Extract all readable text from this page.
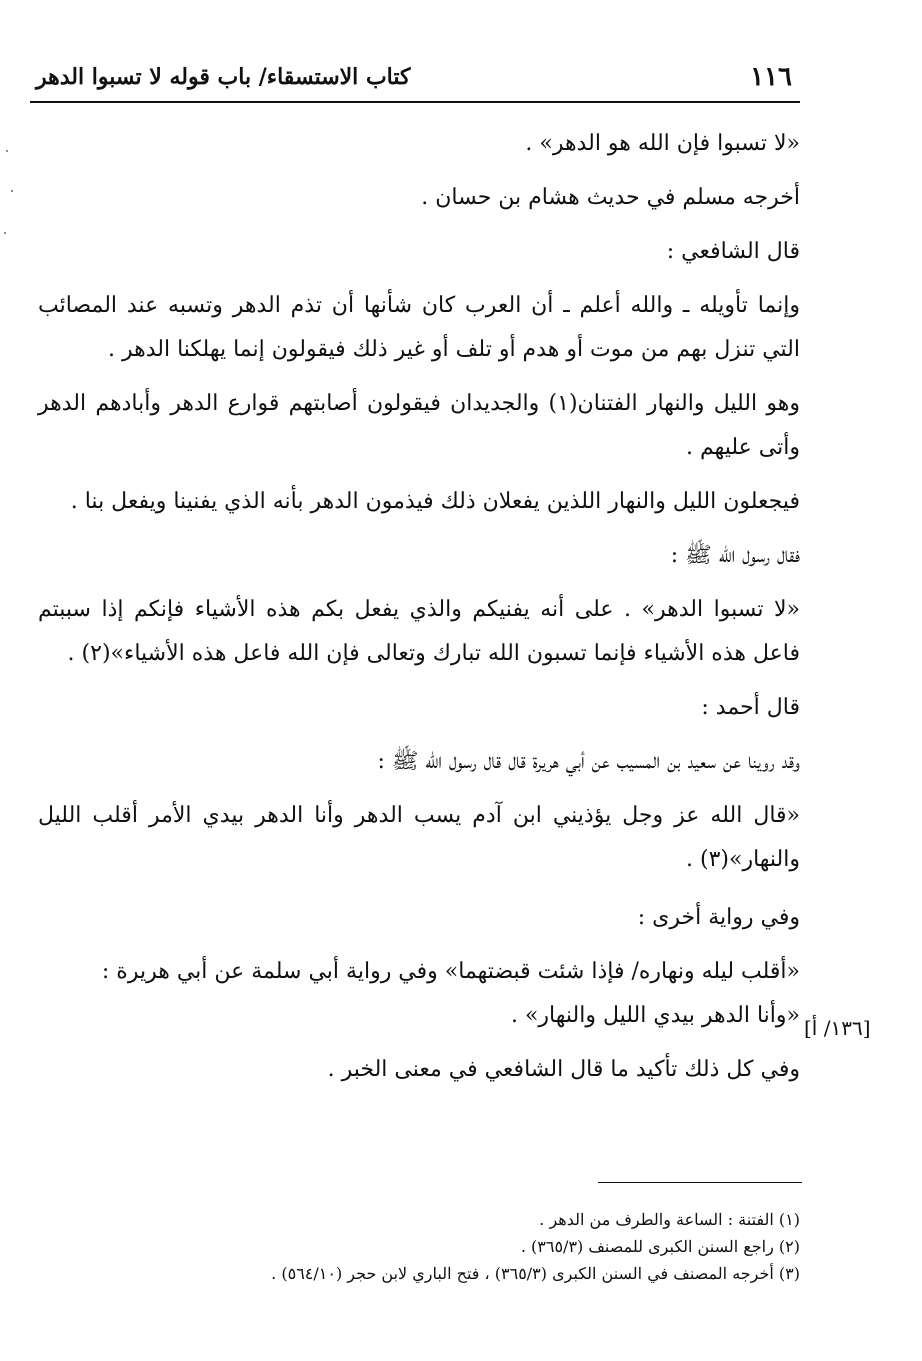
١١٦
كتاب الاستسقاء/ باب قوله لا تسبوا الدهر

«لا تسبوا فإن الله هو الدهر» .

أخرجه مسلم في حديث هشام بن حسان .

قال الشافعي :

وإنما تأويله ـ والله أعلم ـ أن العرب كان شأنها أن تذم الدهر وتسبه عند المصائب التي تنزل بهم من موت أو هدم أو تلف أو غير ذلك فيقولون إنما يهلكنا الدهر .

وهو الليل والنهار الفتنان(١) والجديدان فيقولون أصابتهم قوارع الدهر وأبادهم الدهر وأتى عليهم .

فيجعلون الليل والنهار اللذين يفعلان ذلك فيذمون الدهر بأنه الذي يفنينا ويفعل بنا .

فقال رسول الله ﷺ :

«لا تسبوا الدهر» . على أنه يفنيكم والذي يفعل بكم هذه الأشياء فإنكم إذا سببتم فاعل هذه الأشياء فإنما تسبون الله تبارك وتعالى فإن الله فاعل هذه الأشياء»(٢) .

قال أحمد :

وقد روينا عن سعيد بن المسيب عن أبي هريرة قال قال رسول الله ﷺ :

«قال الله عز وجل يؤذيني ابن آدم يسب الدهر وأنا الدهر بيدي الأمر أقلب الليل والنهار»(٣) .

وفي رواية أخرى :

«أقلب ليله ونهاره/ فإذا شئت قبضتهما» وفي رواية أبي سلمة عن أبي هريرة :

«وأنا الدهر بيدي الليل والنهار» .

وفي كل ذلك تأكيد ما قال الشافعي في معنى الخبر .

[١٣٦/ أ]

(١) الفتنة : الساعة والطرف من الدهر .

(٢) راجع السنن الكبرى للمصنف (٣٦٥/٣) .

(٣) أخرجه المصنف في السنن الكبرى (٣٦٥/٣) ، فتح الباري لابن حجر (٥٦٤/١٠) .
